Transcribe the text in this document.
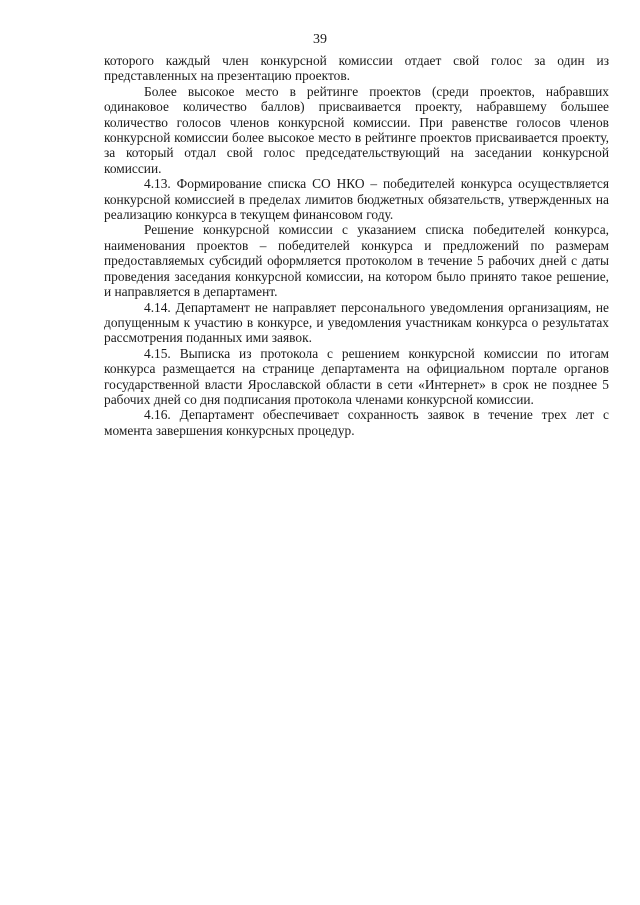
39

которого каждый член конкурсной комиссии отдает свой голос за один из представленных на презентацию проектов.

Более высокое место в рейтинге проектов (среди проектов, набравших одинаковое количество баллов) присваивается проекту, набравшему большее количество голосов членов конкурсной комиссии. При равенстве голосов членов конкурсной комиссии более высокое место в рейтинге проектов присваивается проекту, за который отдал свой голос председательствующий на заседании конкурсной комиссии.

4.13. Формирование списка СО НКО – победителей конкурса осуществляется конкурсной комиссией в пределах лимитов бюджетных обязательств, утвержденных на реализацию конкурса в текущем финансовом году.

Решение конкурсной комиссии с указанием списка победителей конкурса, наименования проектов – победителей конкурса и предложений по размерам предоставляемых субсидий оформляется протоколом в течение 5 рабочих дней с даты проведения заседания конкурсной комиссии, на котором было принято такое решение, и направляется в департамент.

4.14. Департамент не направляет персонального уведомления организациям, не допущенным к участию в конкурсе, и уведомления участникам конкурса о результатах рассмотрения поданных ими заявок.

4.15. Выписка из протокола с решением конкурсной комиссии по итогам конкурса размещается на странице департамента на официальном портале органов государственной власти Ярославской области в сети «Интернет» в срок не позднее 5 рабочих дней со дня подписания протокола членами конкурсной комиссии.

4.16. Департамент обеспечивает сохранность заявок в течение трех лет с момента завершения конкурсных процедур.
